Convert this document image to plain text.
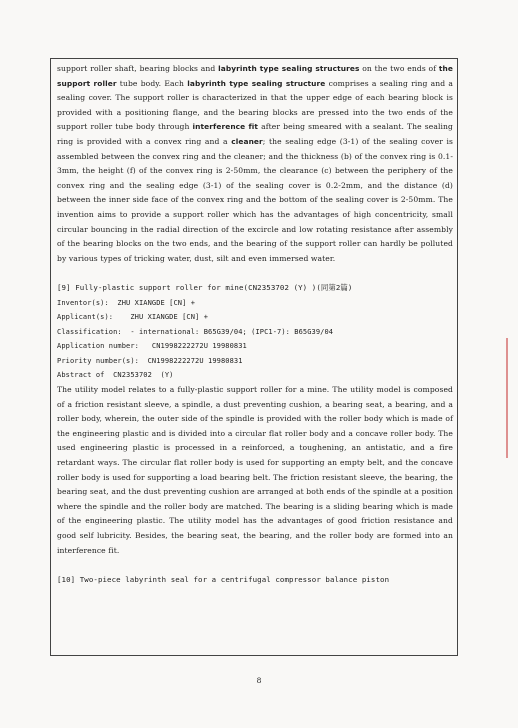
support roller shaft, bearing blocks and labyrinth type sealing structures on the two ends of the support roller tube body. Each labyrinth type sealing structure comprises a sealing ring and a sealing cover. The support roller is characterized in that the upper edge of each bearing block is provided with a positioning flange, and the bearing blocks are pressed into the two ends of the support roller tube body through interference fit after being smeared with a sealant. The sealing ring is provided with a convex ring and a cleaner; the sealing edge (3-1) of the sealing cover is assembled between the convex ring and the cleaner; and the thickness (b) of the convex ring is 0.1-3mm, the height (f) of the convex ring is 2-50mm, the clearance (c) between the periphery of the convex ring and the sealing edge (3-1) of the sealing cover is 0.2-2mm, and the distance (d) between the inner side face of the convex ring and the bottom of the sealing cover is 2-50mm. The invention aims to provide a support roller which has the advantages of high concentricity, small circular bouncing in the radial direction of the excircle and low rotating resistance after assembly of the bearing blocks on the two ends, and the bearing of the support roller can hardly be polluted by various types of tricking water, dust, silt and even immersed water.

[9] Fully-plastic support roller for mine(CN2353702 (Y) )(同第2篇)

Inventor(s):  ZHU XIANGDE [CN] +

Applicant(s):    ZHU XIANGDE [CN] +

Classification:  - international: B65G39/04; (IPC1-7): B65G39/04

Application number:   CN1998222272U 19980831

Priority number(s):  CN1998222272U 19980831

Abstract of  CN2353702  (Y)

The utility model relates to a fully-plastic support roller for a mine. The utility model is composed of a friction resistant sleeve, a spindle, a dust preventing cushion, a bearing seat, a bearing, and a roller body, wherein, the outer side of the spindle is provided with the roller body which is made of the engineering plastic and is divided into a circular flat roller body and a concave roller body. The used engineering plastic is processed in a reinforced, a toughening, an antistatic, and a fire retardant ways. The circular flat roller body is used for supporting an empty belt, and the concave roller body is used for supporting a load bearing belt. The friction resistant sleeve, the bearing, the bearing seat, and the dust preventing cushion are arranged at both ends of the spindle at a position where the spindle and the roller body are matched. The bearing is a sliding bearing which is made of the engineering plastic. The utility model has the advantages of good friction resistance and good self lubricity. Besides, the bearing seat, the bearing, and the roller body are formed into an interference fit.

[10] Two-piece labyrinth seal for a centrifugal compressor balance piston

8
